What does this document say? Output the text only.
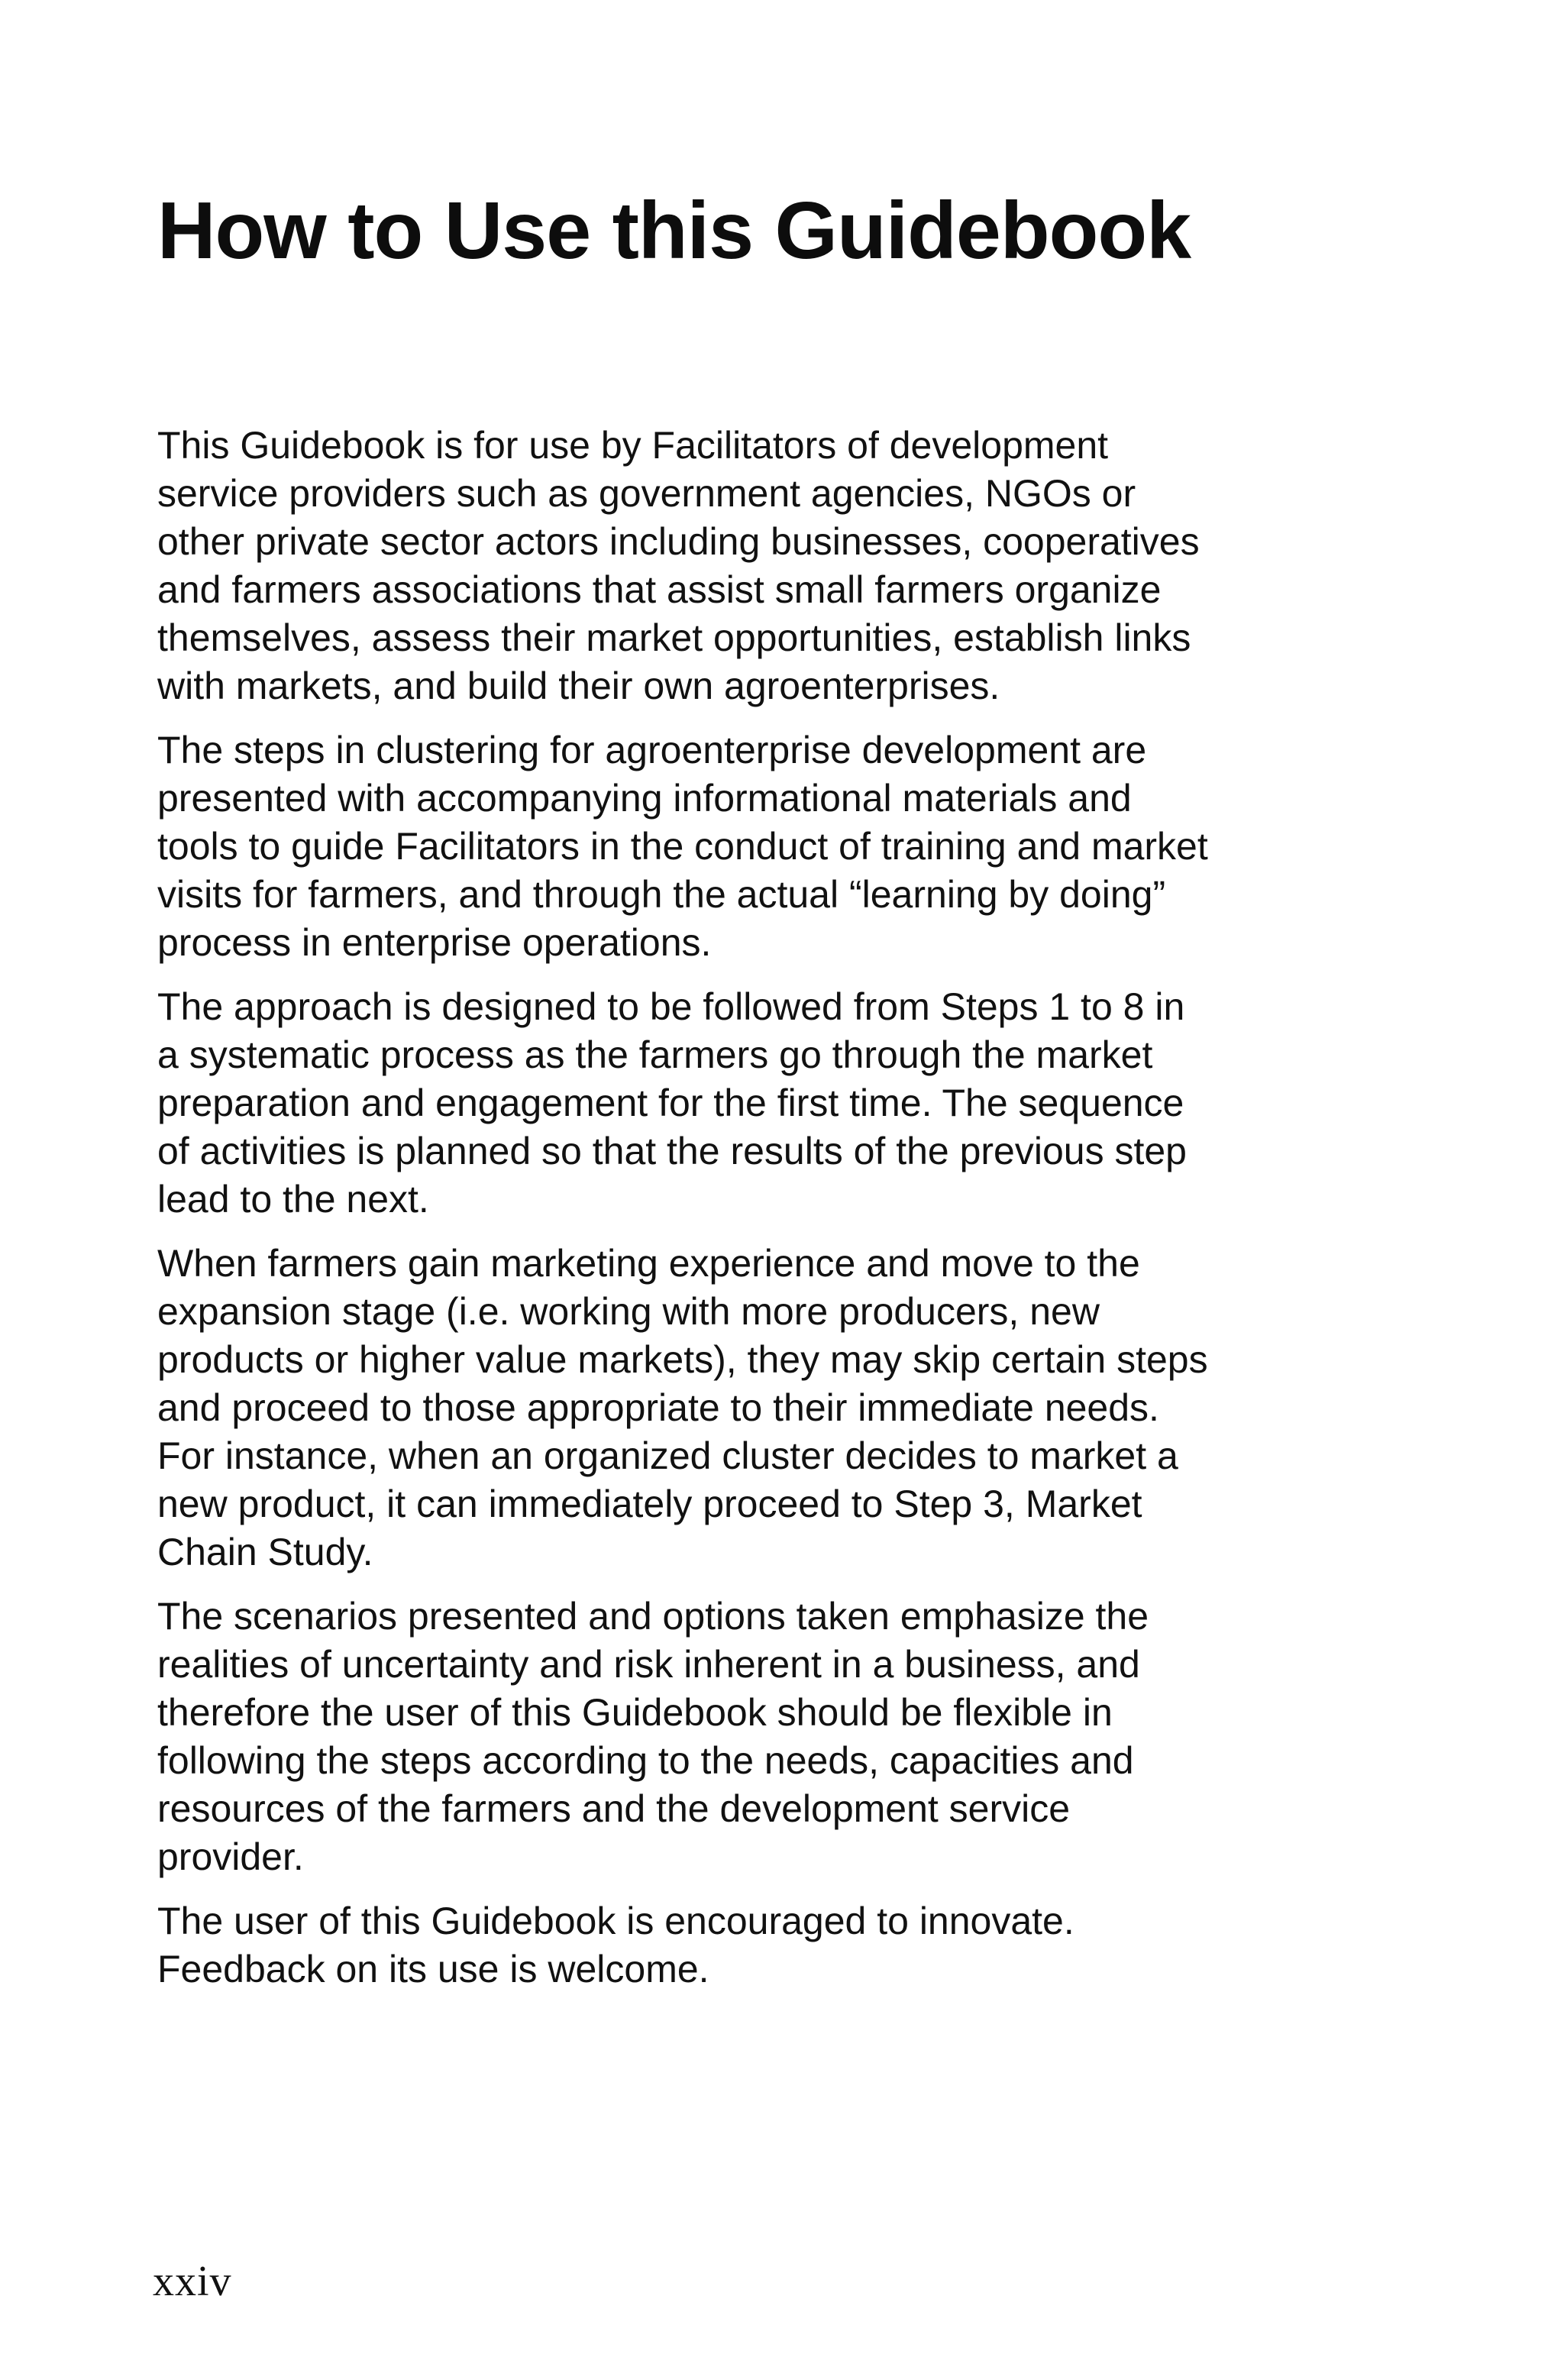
How to Use this Guidebook

This Guidebook is for use by Facilitators of development
service providers such as government agencies, NGOs or
other private sector actors including businesses, cooperatives
and farmers associations that assist small farmers organize
themselves, assess their market opportunities, establish links
with markets, and build their own agroenterprises.

The steps in clustering for agroenterprise development are
presented with accompanying informational materials and
tools to guide Facilitators in the conduct of training and market
visits for farmers, and through the actual “learning by doing”
process in enterprise operations.

The approach is designed to be followed from Steps 1 to 8 in
a systematic process as the farmers go through the market
preparation and engagement for the first time. The sequence
of activities is planned so that the results of the previous step
lead to the next.

When farmers gain marketing experience and move to the
expansion stage (i.e. working with more producers, new
products or higher value markets), they may skip certain steps
and proceed to those appropriate to their immediate needs.
For instance, when an organized cluster decides to market a
new product, it can immediately proceed to Step 3, Market
Chain Study.

The scenarios presented and options taken emphasize the
realities of uncertainty and risk inherent in a business, and
therefore the user of this Guidebook should be flexible in
following the steps according to the needs, capacities and
resources of the farmers and the development service
provider.

The user of this Guidebook is encouraged to innovate.
Feedback on its use is welcome.

xxiv
